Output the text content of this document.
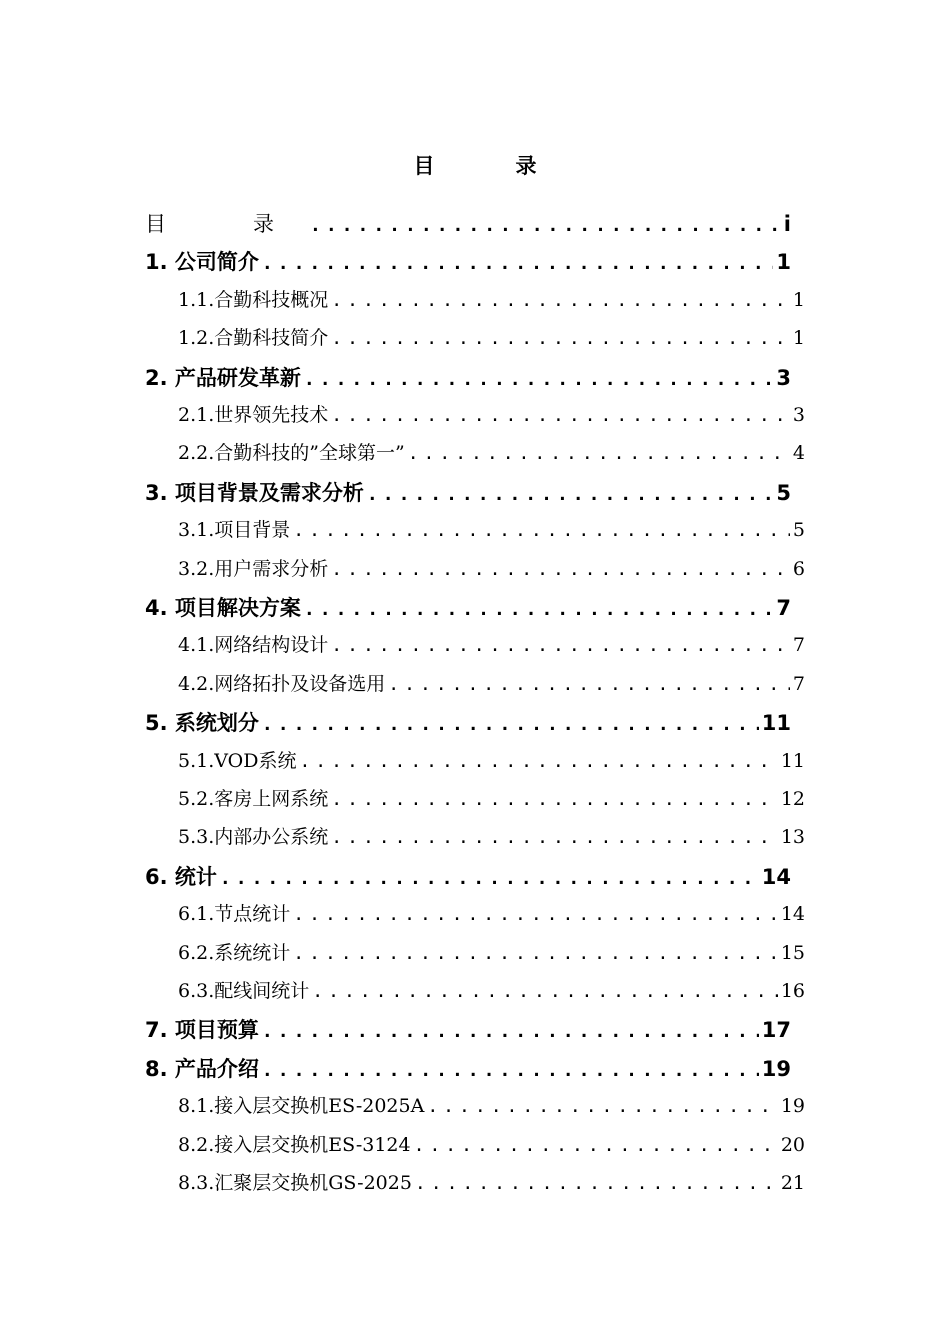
目　录
目　录 .....	i
1. 公司简介 .....	1
1.1.合勤科技概况 .....	1
1.2.合勤科技简介 .....	1
2. 产品研发革新 .....	3
2.1.世界领先技术 .....	3
2.2.合勤科技的”全球第一” .....	4
3. 项目背景及需求分析 .....	5
3.1.项目背景 .....	5
3.2.用户需求分析 .....	6
4. 项目解决方案 .....	7
4.1.网络结构设计 .....	7
4.2.网络拓扑及设备选用 .....	7
5. 系统划分 .....	11
5.1.VOD系统 .....	11
5.2.客房上网系统 .....	12
5.3.内部办公系统 .....	13
6. 统计 .....	14
6.1.节点统计 .....	14
6.2.系统统计 .....	15
6.3.配线间统计 .....	16
7. 项目预算 .....	17
8. 产品介绍 .....	19
8.1.接入层交换机ES-2025A .....	19
8.2.接入层交换机ES-3124 .....	20
8.3.汇聚层交换机GS-2025 .....	21
